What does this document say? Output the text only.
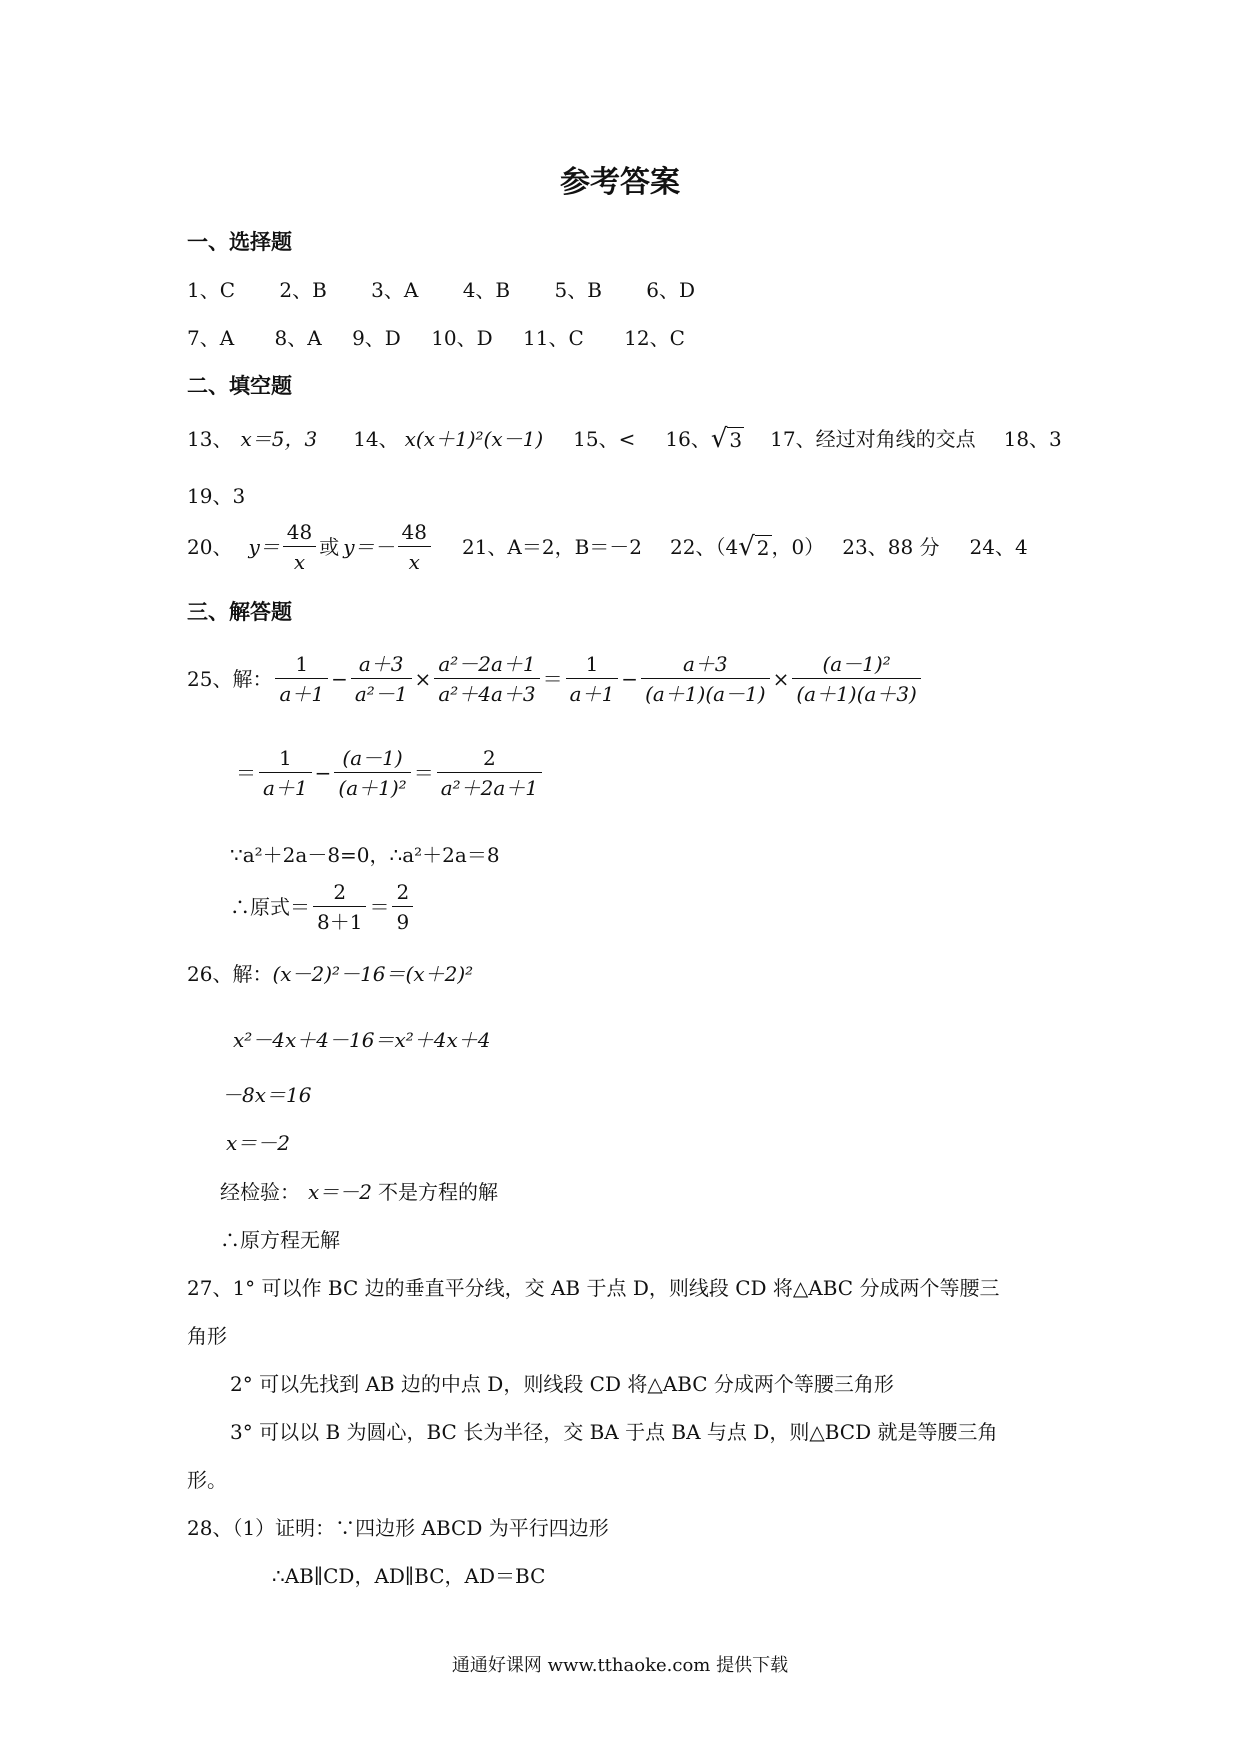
参考答案
一、选择题
1、C 2、B 3、A 4、B 5、B 6、D
7、A 8、A 9、D 10、D 11、C 12、C
二、填空题
13、 x＝5，3 14、 x(x＋1)²(x－1) 15、< 16、 √ 3 17、经过对角线的交点 18、3
19、3
20、 $y= \frac{48}{x}$ 或 $y=- \frac{48}{x} 21$、A＝2，B＝－2 22、（4 √ 2 ，0） 23、88 分 24、4
三、解答题
25、解： $\frac{1}{a+1} - \frac{a+3}{\text{a²－1}} \times \frac{\text{a²－2a＋1}}{\text{a²＋4a＋3}} = \frac{1}{a+1} - \frac{a+3}{(a+1)(a-1)} \times \frac{\text{(a－1)²}}{(a+1)(a+3)}$
＝ $\frac{1}{a+1} - \frac{(a-1)}{\text{(a＋1)²}} = \frac{2}{\text{a²＋2a＋1}}$
∵a²＋2a－8=0，∴a²＋2a＝8
∴原式＝ $\frac{2}{8+1} = \frac{2}{9}$
26、解：(x－2)²－16＝(x＋2)²
x²－4x＋4－16＝x²＋4x＋4
－8x＝16
x＝－2
经检验： x＝－2 不是方程的解
∴原方程无解
27、1° 可以作 BC 边的垂直平分线，交 AB 于点 D，则线段 CD 将△ABC 分成两个等腰三
角形
2° 可以先找到 AB 边的中点 D，则线段 CD 将△ABC 分成两个等腰三角形
3° 可以以 B 为圆心，BC 长为半径，交 BA 于点 BA 与点 D，则△BCD 就是等腰三角
形。
28、（1）证明：∵四边形 ABCD 为平行四边形
∴AB∥CD，AD∥BC，AD＝BC
通通好课网 www.tthaoke.com 提供下载
